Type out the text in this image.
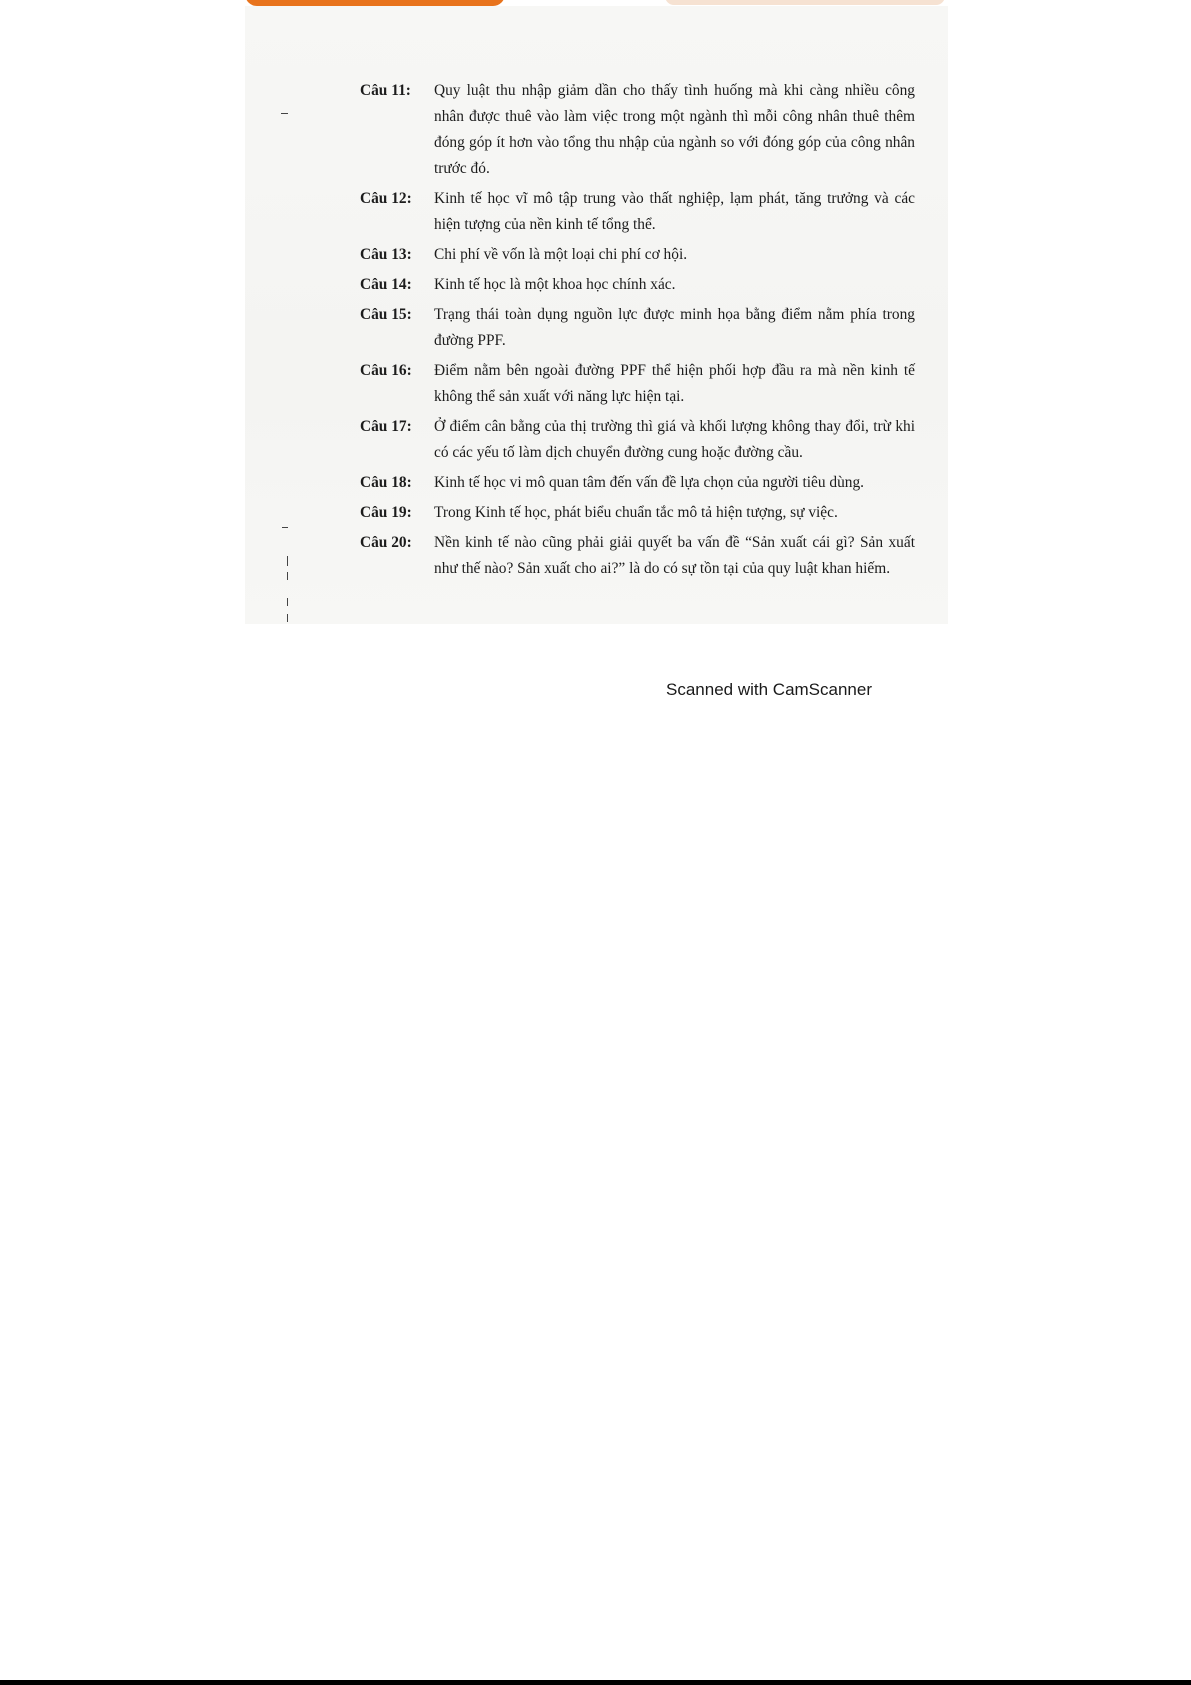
Câu 11:	Quy luật thu nhập giảm dần cho thấy tình huống mà khi càng nhiều công nhân được thuê vào làm việc trong một ngành thì mỗi công nhân thuê thêm đóng góp ít hơn vào tổng thu nhập của ngành so với đóng góp của công nhân trước đó.
Câu 12:	Kinh tế học vĩ mô tập trung vào thất nghiệp, lạm phát, tăng trưởng và các hiện tượng của nền kinh tế tổng thể.
Câu 13:	Chi phí về vốn là một loại chi phí cơ hội.
Câu 14:	Kinh tế học là một khoa học chính xác.
Câu 15:	Trạng thái toàn dụng nguồn lực được minh họa bằng điểm nằm phía trong đường PPF.
Câu 16:	Điểm nằm bên ngoài đường PPF thể hiện phối hợp đầu ra mà nền kinh tế không thể sản xuất với năng lực hiện tại.
Câu 17:	Ở điểm cân bằng của thị trường thì giá và khối lượng không thay đổi, trừ khi có các yếu tố làm dịch chuyển đường cung hoặc đường cầu.
Câu 18:	Kinh tế học vi mô quan tâm đến vấn đề lựa chọn của người tiêu dùng.
Câu 19:	Trong Kinh tế học, phát biểu chuẩn tắc mô tả hiện tượng, sự việc.
Câu 20:	Nền kinh tế nào cũng phải giải quyết ba vấn đề “Sản xuất cái gì? Sản xuất như thế nào? Sản xuất cho ai?” là do có sự tồn tại của quy luật khan hiếm.
Scanned with CamScanner
